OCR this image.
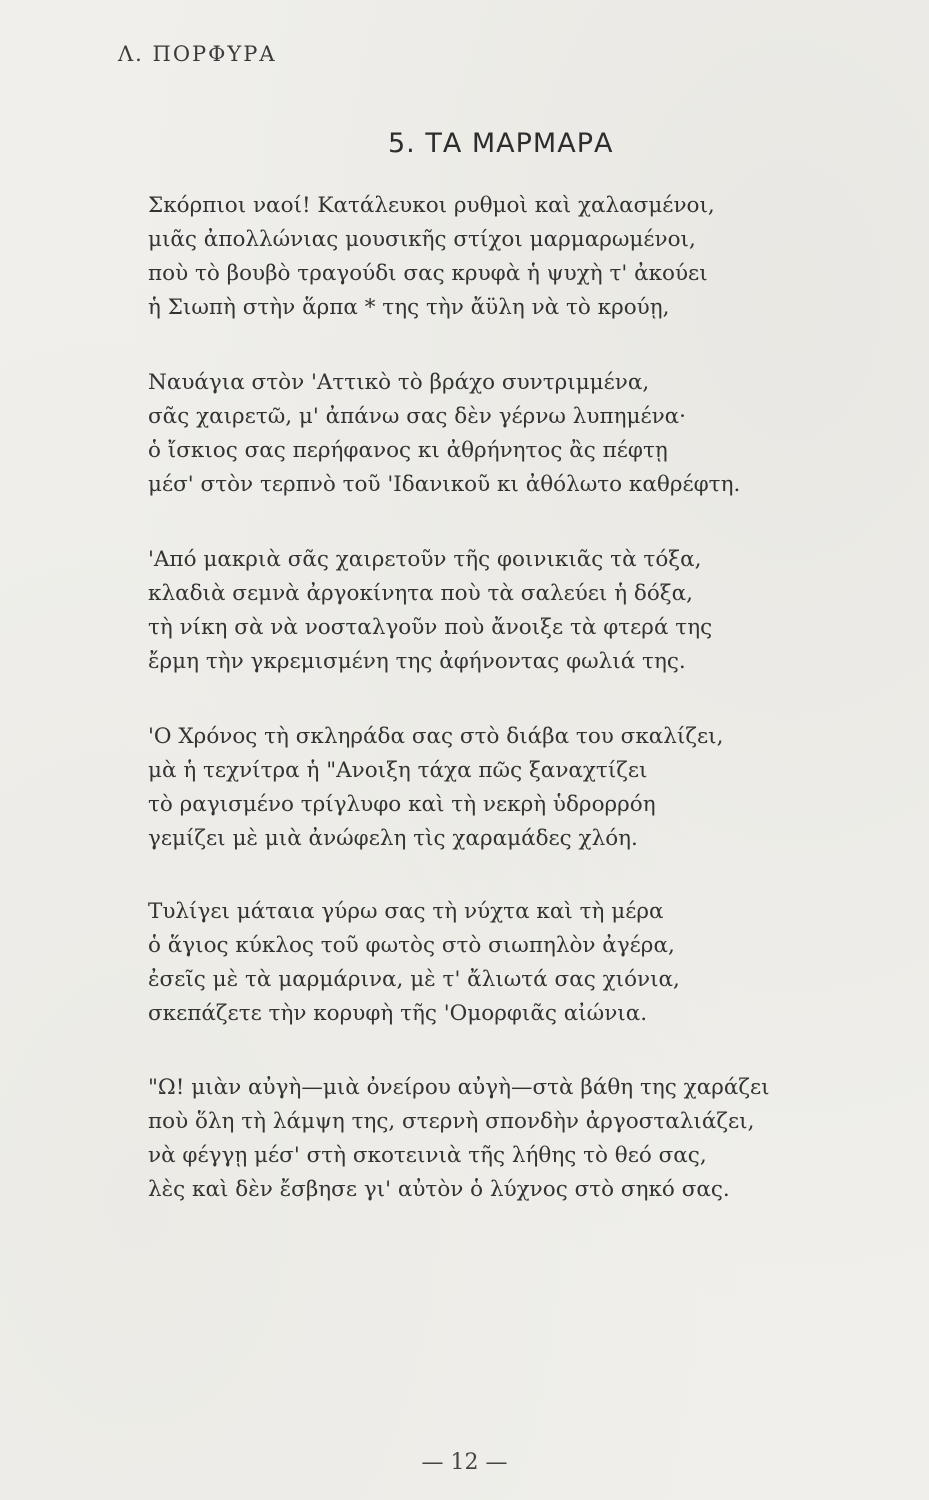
Λ. ΠΟΡΦΥΡΑ
5. ΤΑ ΜΑΡΜΑΡΑ
Σκόρπιοι ναοί! Κατάλευκοι ρυθμοὶ καὶ χαλασμένοι,
μιᾶς ἀπολλώνιας μουσικῆς στίχοι μαρμαρωμένοι,
ποὺ τὸ βουβὸ τραγούδι σας κρυφὰ ἡ ψυχὴ τ' ἀκούει
ἡ Σιωπὴ στὴν ἅρπα * της τὴν ἄϋλη νὰ τὸ κρούῃ,
Ναυάγια στὸν 'Αττικὸ τὸ βράχο συντριμμένα,
σᾶς χαιρετῶ, μ' ἀπάνω σας δὲν γέρνω λυπημένα·
ὁ ἴσκιος σας περήφανος κι ἀθρήνητος ἂς πέφτῃ
μέσ' στὸν τερπνὸ τοῦ 'Ιδανικοῦ κι ἀθόλωτο καθρέφτη.
'Από μακριὰ σᾶς χαιρετοῦν τῆς φοινικιᾶς τὰ τόξα,
κλαδιὰ σεμνὰ ἀργοκίνητα ποὺ τὰ σαλεύει ἡ δόξα,
τὴ νίκη σὰ νὰ νοσταλγοῦν ποὺ ἄνοιξε τὰ φτερά της
ἔρμη τὴν γκρεμισμένη της ἀφήνοντας φωλιά της.
'Ο Χρόνος τὴ σκληράδα σας στὸ διάβα του σκαλίζει,
μὰ ἡ τεχνίτρα ἡ "Ανοιξη τάχα πῶς ξαναχτίζει
τὸ ραγισμένο τρίγλυφο καὶ τὴ νεκρὴ ὑδρορρόη
γεμίζει μὲ μιὰ ἀνώφελη τὶς χαραμάδες χλόη.
Τυλίγει μάταια γύρω σας τὴ νύχτα καὶ τὴ μέρα
ὁ ἅγιος κύκλος τοῦ φωτὸς στὸ σιωπηλὸν ἀγέρα,
ἐσεῖς μὲ τὰ μαρμάρινα, μὲ τ' ἄλιωτά σας χιόνια,
σκεπάζετε τὴν κορυφὴ τῆς 'Ομορφιᾶς αἰώνια.
"Ω! μιὰν αὐγὴ—μιὰ ὀνείρου αὐγὴ—στὰ βάθη της χαράζει
ποὺ ὅλη τὴ λάμψη της, στερνὴ σπονδὴν ἀργοσταλιάζει,
νὰ φέγγῃ μέσ' στὴ σκοτεινιὰ τῆς λήθης τὸ θεό σας,
λὲς καὶ δὲν ἔσβησε γι' αὐτὸν ὁ λύχνος στὸ σηκό σας.
— 12 —
